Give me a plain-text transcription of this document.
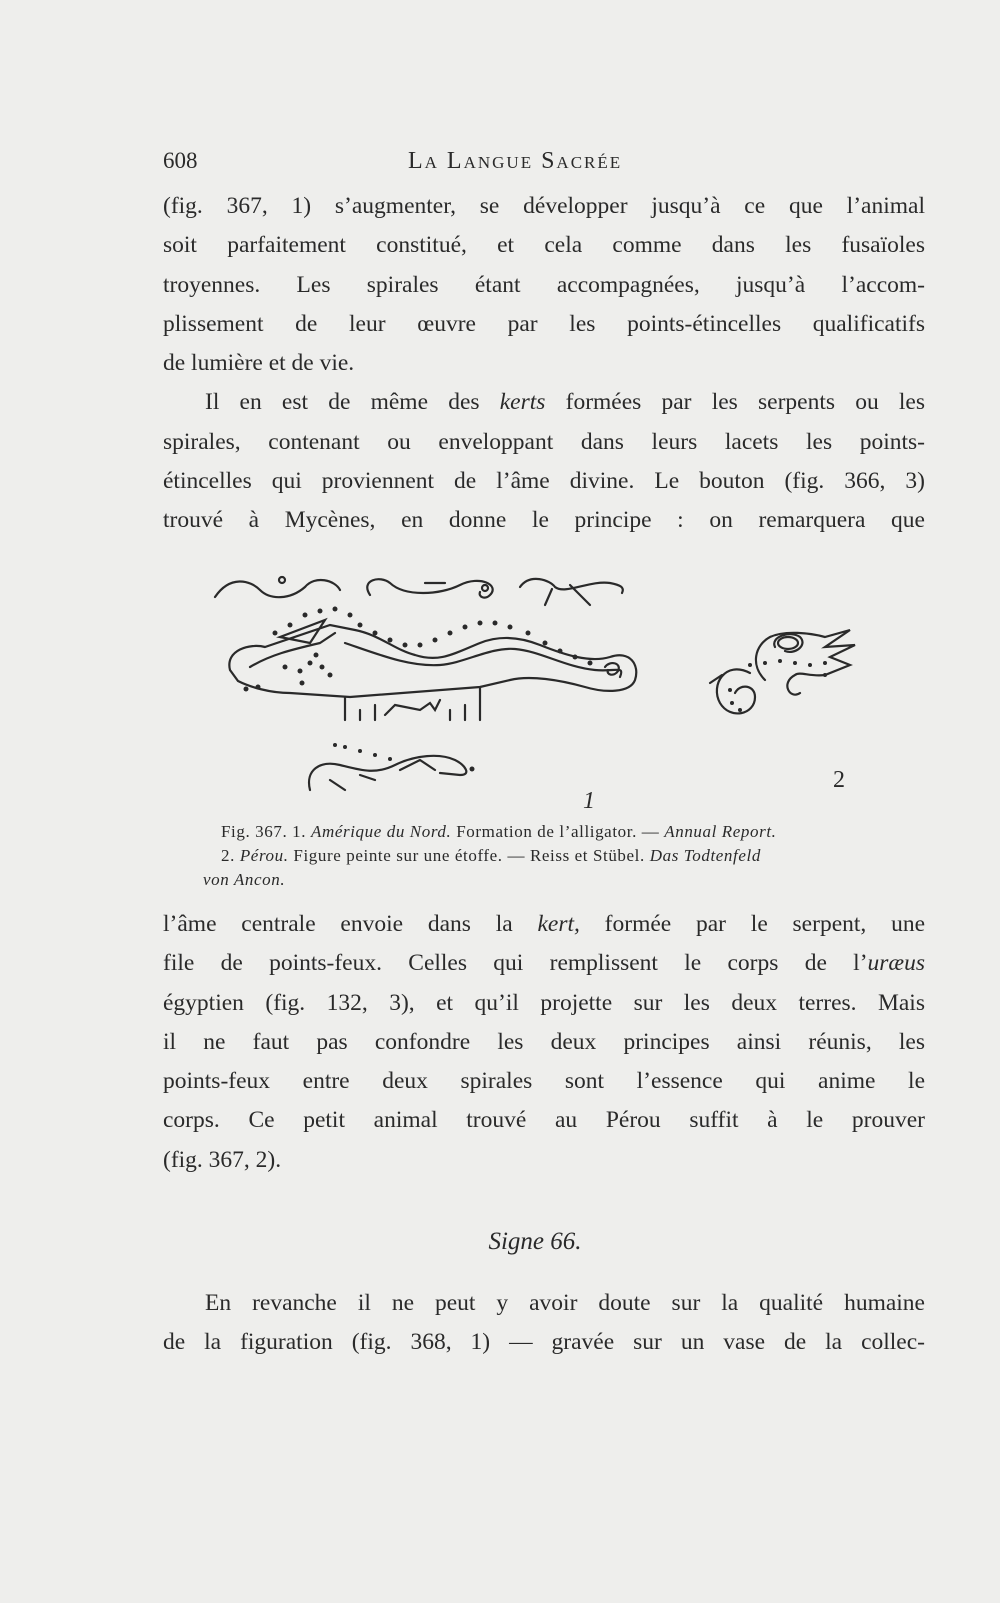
608	La Langue Sacrée

(fig. 367, 1) s’augmenter, se développer jusqu’à ce que l’animal
soit parfaitement constitué, et cela comme dans les fusaïoles
troyennes. Les spirales étant accompagnées, jusqu’à l’accom-
plissement de leur œuvre par les points-étincelles qualificatifs
de lumière et de vie.

Il en est de même des kerts formées par les serpents ou les
spirales, contenant ou enveloppant dans leurs lacets les points-
étincelles qui proviennent de l’âme divine. Le bouton (fig. 366, 3)
trouvé à Mycènes, en donne le principe : on remarquera que

1
2
Fig. 367. 1. Amérique du Nord. Formation de l’alligator. — Annual Report.
2. Pérou. Figure peinte sur une étoffe. — Reiss et Stübel. Das Todtenfeld
von Ancon.

l’âme centrale envoie dans la kert, formée par le serpent, une
file de points-feux. Celles qui remplissent le corps de l’uræus
égyptien (fig. 132, 3), et qu’il projette sur les deux terres. Mais
il ne faut pas confondre les deux principes ainsi réunis, les
points-feux entre deux spirales sont l’essence qui anime le
corps. Ce petit animal trouvé au Pérou suffit à le prouver
(fig. 367, 2).

Signe 66.

En revanche il ne peut y avoir doute sur la qualité humaine
de la figuration (fig. 368, 1) — gravée sur un vase de la collec-
